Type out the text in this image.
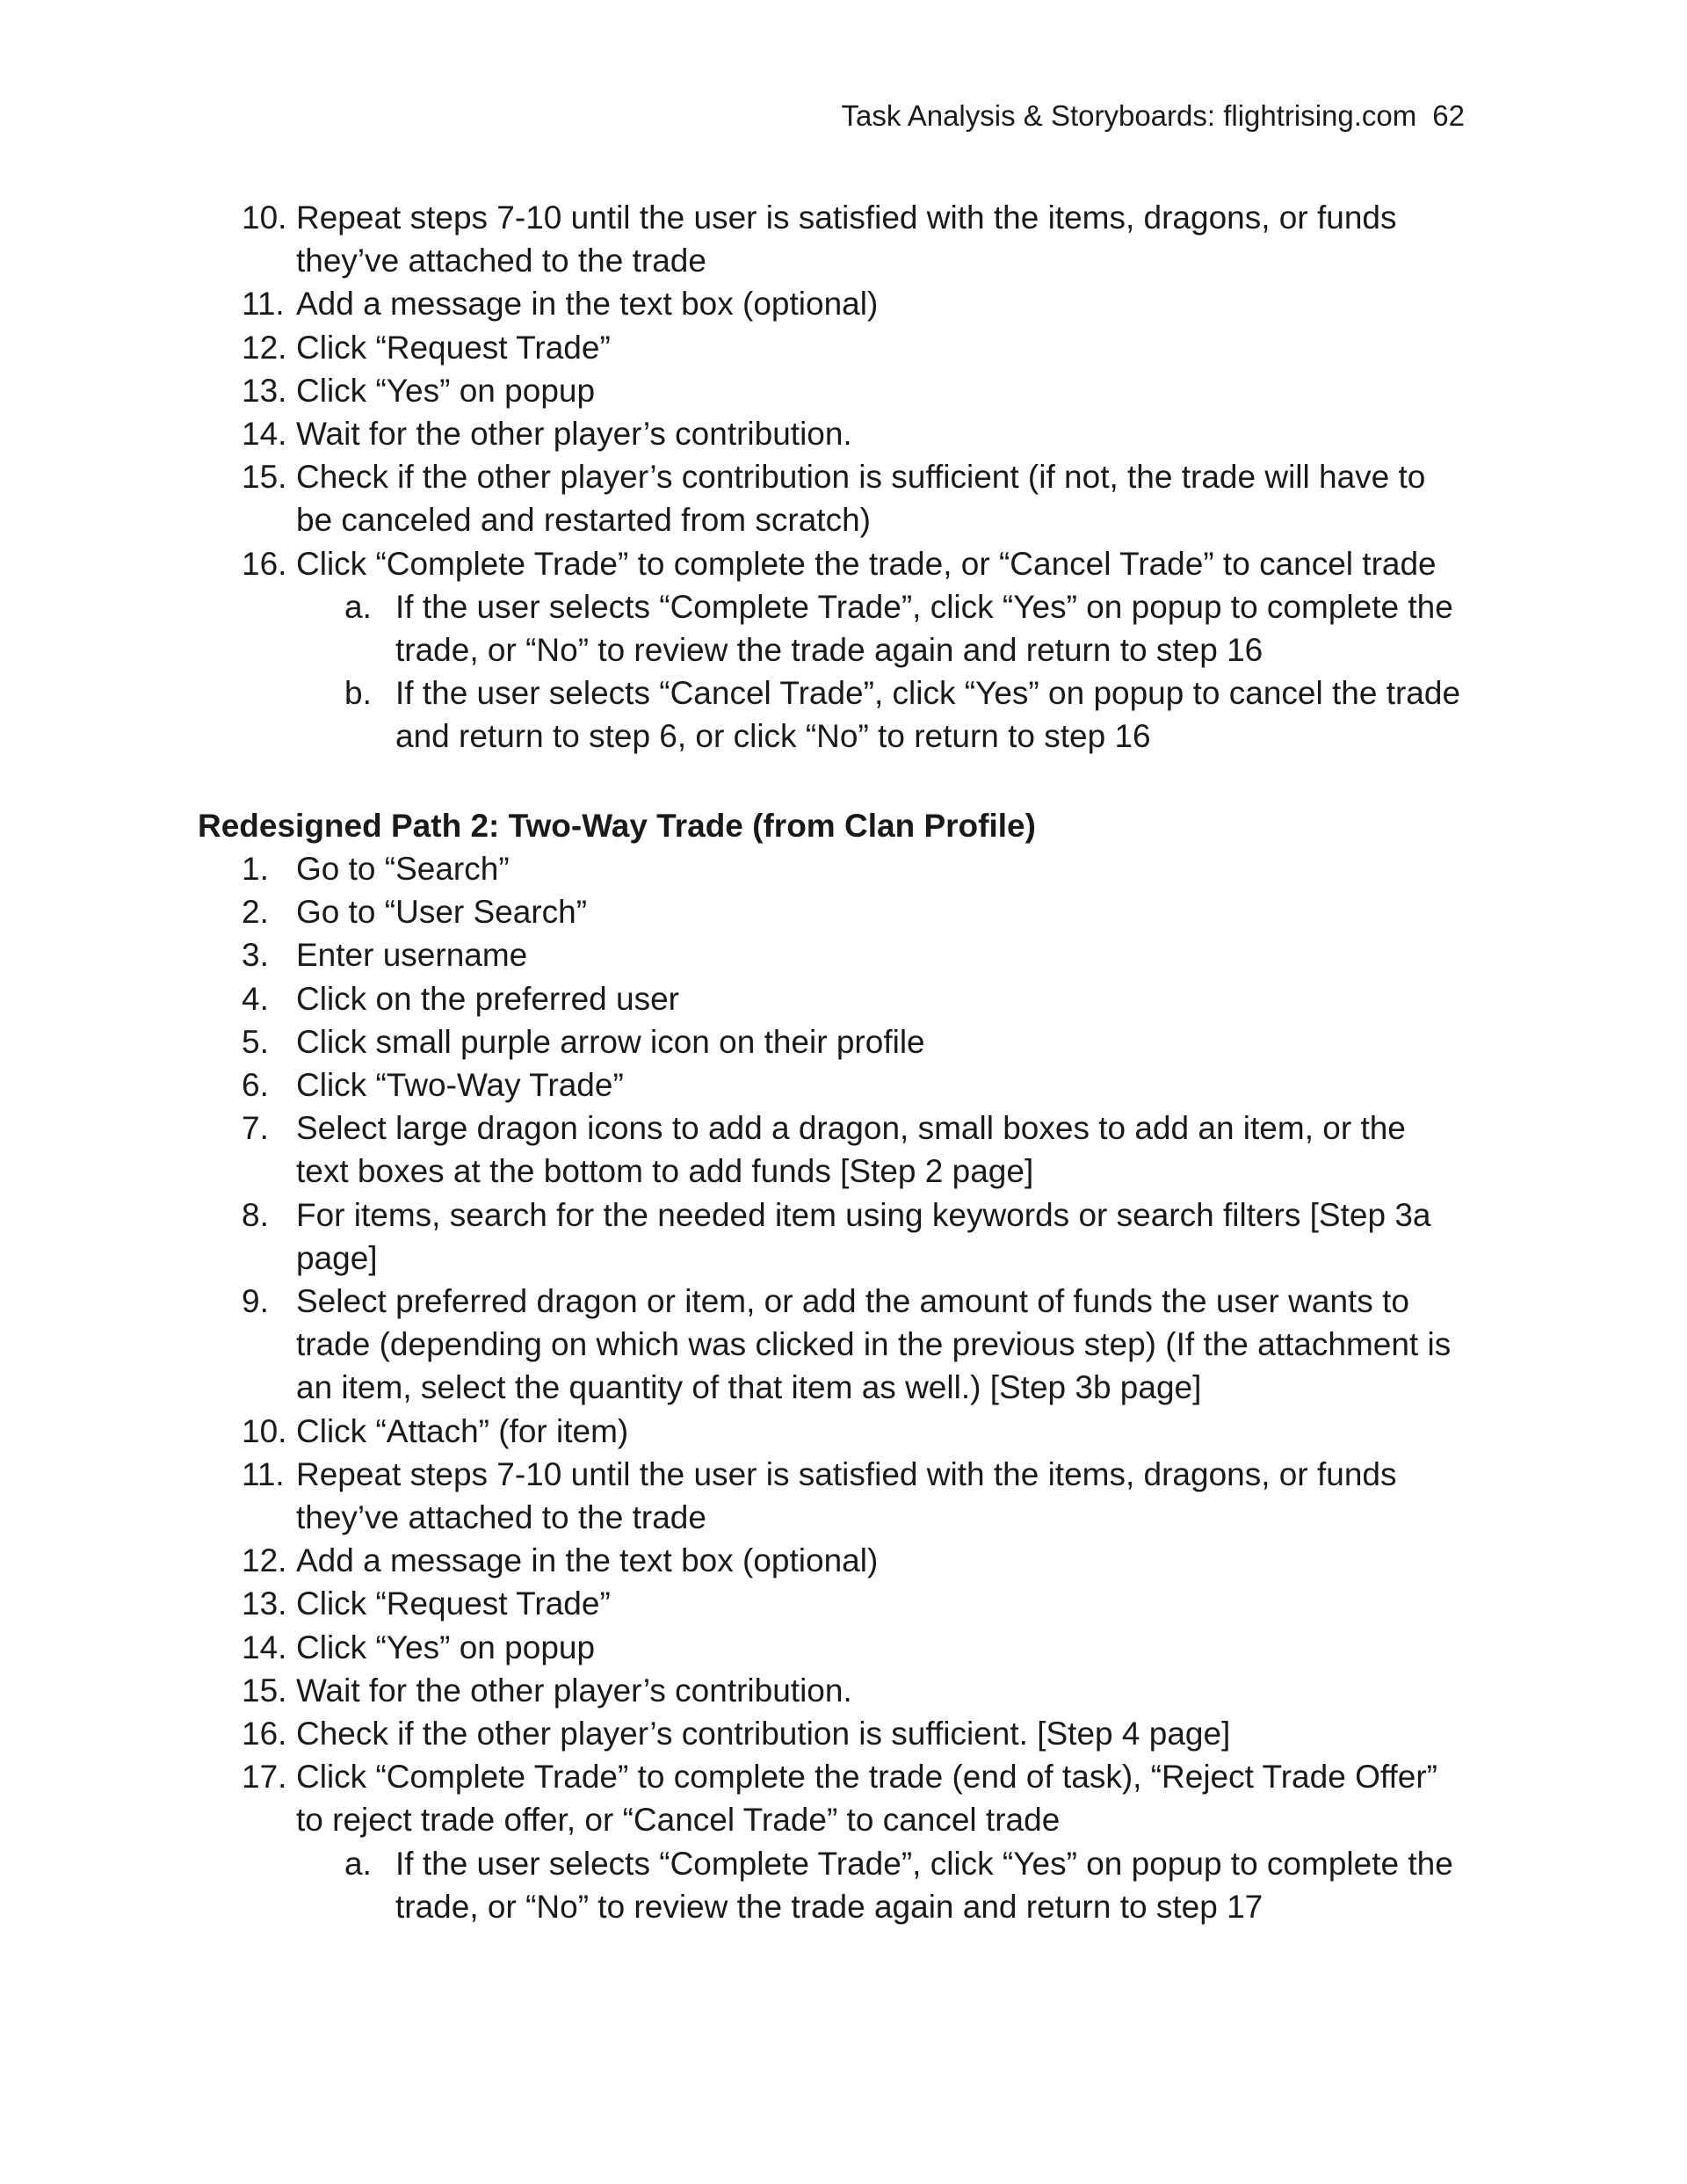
Task Analysis & Storyboards: flightrising.com 62
10. Repeat steps 7-10 until the user is satisfied with the items, dragons, or funds
they’ve attached to the trade
11. Add a message in the text box (optional)
12. Click “Request Trade”
13. Click “Yes” on popup
14. Wait for the other player’s contribution.
15. Check if the other player’s contribution is sufficient (if not, the trade will have to
be canceled and restarted from scratch)
16. Click “Complete Trade” to complete the trade, or “Cancel Trade” to cancel trade
a. If the user selects “Complete Trade”, click “Yes” on popup to complete the
trade, or “No” to review the trade again and return to step 16
b. If the user selects “Cancel Trade”, click “Yes” on popup to cancel the trade
and return to step 6, or click “No” to return to step 16
Redesigned Path 2: Two-Way Trade (from Clan Profile)
1. Go to “Search”
2. Go to “User Search”
3. Enter username
4. Click on the preferred user
5. Click small purple arrow icon on their profile
6. Click “Two-Way Trade”
7. Select large dragon icons to add a dragon, small boxes to add an item, or the
text boxes at the bottom to add funds [Step 2 page]
8. For items, search for the needed item using keywords or search filters [Step 3a
page]
9. Select preferred dragon or item, or add the amount of funds the user wants to
trade (depending on which was clicked in the previous step) (If the attachment is
an item, select the quantity of that item as well.) [Step 3b page]
10. Click “Attach” (for item)
11. Repeat steps 7-10 until the user is satisfied with the items, dragons, or funds
they’ve attached to the trade
12. Add a message in the text box (optional)
13. Click “Request Trade”
14. Click “Yes” on popup
15. Wait for the other player’s contribution.
16. Check if the other player’s contribution is sufficient. [Step 4 page]
17. Click “Complete Trade” to complete the trade (end of task), “Reject Trade Offer”
to reject trade offer, or “Cancel Trade” to cancel trade
a. If the user selects “Complete Trade”, click “Yes” on popup to complete the
trade, or “No” to review the trade again and return to step 17
